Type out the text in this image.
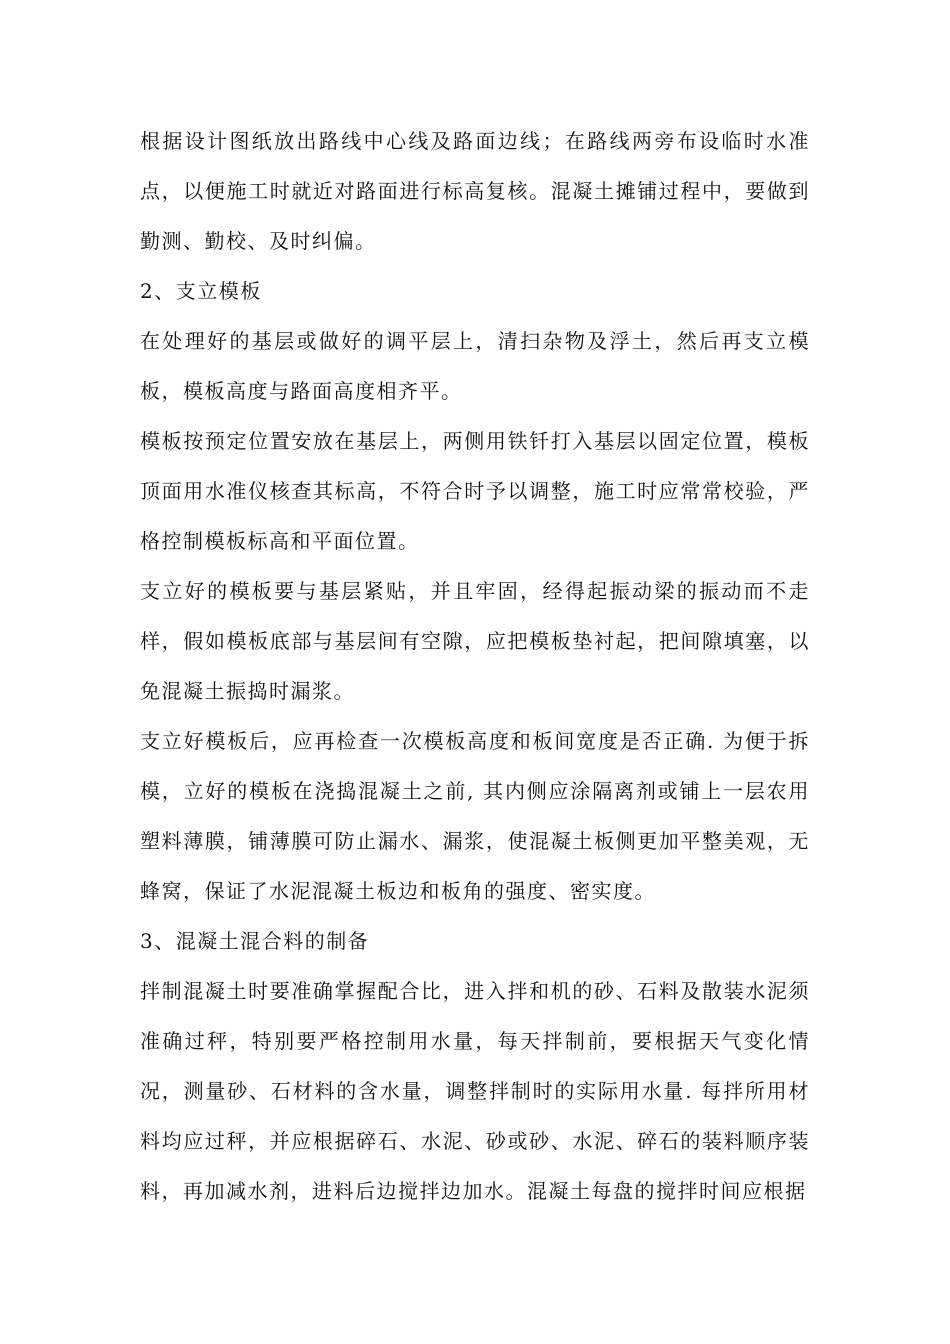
根据设计图纸放出路线中心线及路面边线；在路线两旁布设临时水准点，以便施工时就近对路面进行标高复核。混凝土摊铺过程中，要做到勤测、勤校、及时纠偏。

2、支立模板

在处理好的基层或做好的调平层上，清扫杂物及浮土，然后再支立模板，模板高度与路面高度相齐平。

模板按预定位置安放在基层上，两侧用铁钎打入基层以固定位置，模板顶面用水准仪核查其标高，不符合时予以调整，施工时应常常校验，严格控制模板标高和平面位置。

支立好的模板要与基层紧贴，并且牢固，经得起振动梁的振动而不走样，假如模板底部与基层间有空隙，应把模板垫衬起，把间隙填塞，以免混凝土振捣时漏浆。

支立好模板后，应再检查一次模板高度和板间宽度是否正确. 为便于拆模，立好的模板在浇捣混凝土之前, 其内侧应涂隔离剂或铺上一层农用塑料薄膜，铺薄膜可防止漏水、漏浆，使混凝土板侧更加平整美观，无蜂窝，保证了水泥混凝土板边和板角的强度、密实度。

3、混凝土混合料的制备

拌制混凝土时要准确掌握配合比，进入拌和机的砂、石料及散装水泥须准确过秤，特别要严格控制用水量，每天拌制前，要根据天气变化情况，测量砂、石材料的含水量，调整拌制时的实际用水量. 每拌所用材料均应过秤，并应根据碎石、水泥、砂或砂、水泥、碎石的装料顺序装料，再加减水剂，进料后边搅拌边加水。混凝土每盘的搅拌时间应根据
